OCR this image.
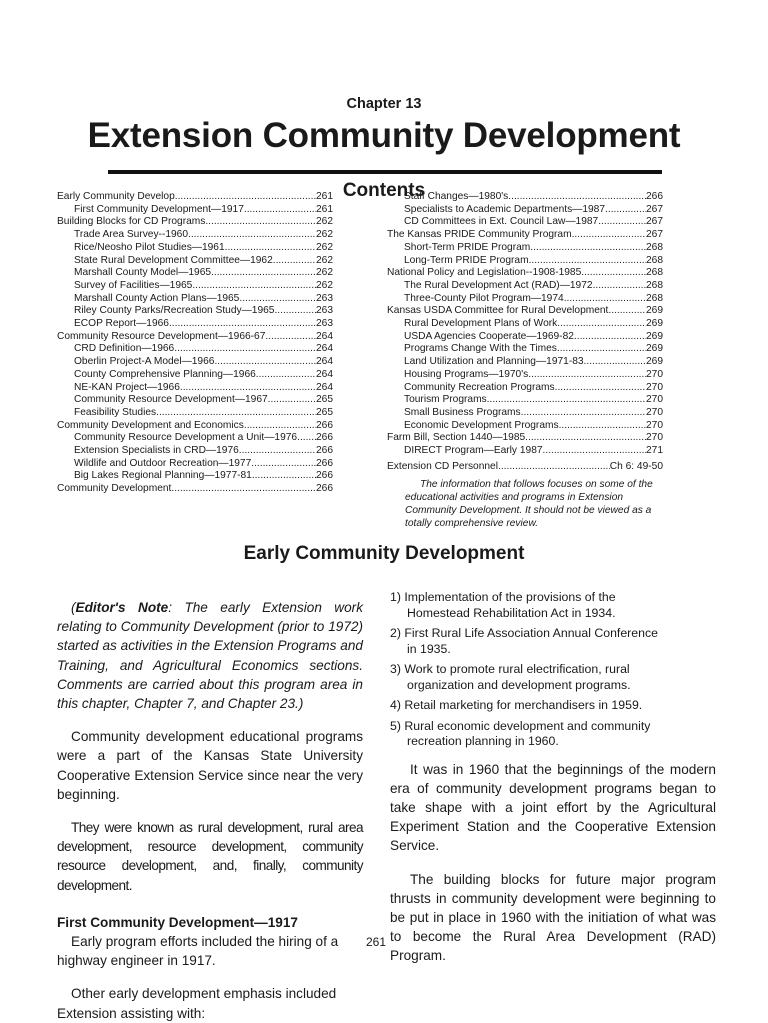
Chapter 13
Extension Community Development
Contents
Early Community Develop .....	261
First Community Development—1917 .....	261
Building Blocks for CD Programs .....	262
Trade Area Survey--1960 .....	262
Rice/Neosho Pilot Studies—1961 .....	262
State Rural Development Committee—1962 .....	262
Marshall County Model—1965 .....	262
Survey of Facilities—1965 .....	262
Marshall County Action Plans—1965 .....	263
Riley County Parks/Recreation Study—1965 .....	263
ECOP Report—1966 .....	263
Community Resource Development—1966-67 .....	264
CRD Definition—1966 .....	264
Oberlin Project-A Model—1966 .....	264
County Comprehensive Planning—1966 .....	264
NE-KAN Project—1966 .....	264
Community Resource Development—1967 .....	265
Feasibility Studies .....	265
Community Development and Economics .....	266
Community Resource Development a Unit—1976 ..... 266
Extension Specialists in CRD—1976 .....	266
Wildlife and Outdoor Recreation—1977 .....	266
Big Lakes Regional Planning—1977-81 .....	266
Community Development .....	266
Staff Changes—1980's .....	266
Specialists to Academic Departments—1987 .....	267
CD Committees in Ext. Council Law—1987 .....	267
The Kansas PRIDE Community Program .....	267
Short-Term PRIDE Program .....	268
Long-Term PRIDE Program .....	268
National Policy and Legislation--1908-1985 .....	268
The Rural Development Act (RAD)—1972 .....	268
Three-County Pilot Program—1974 .....	268
Kansas USDA Committee for Rural Development .....	269
Rural Development Plans of Work .....	269
USDA Agencies Cooperate—1969-82 .....	269
Programs Change With the Times .....	269
Land Utilization and Planning—1971-83 .....	269
Housing Programs—1970's .....	270
Community Recreation Programs .....	270
Tourism Programs .....	270
Small Business Programs .....	270
Economic Development Programs .....	270
Farm Bill, Section 1440—1985 .....	270
DIRECT Program—Early 1987 .....	271
Extension CD Personnel .....	Ch 6: 49-50
The information that follows focuses on some of the educational activities and programs in Extension Community Development. It should not be viewed as a totally comprehensive review.
Early Community Development

(Editor's Note: The early Extension work relating to Community Development (prior to 1972) started as activities in the Extension Programs and Training, and Agricultural Economics sections. Comments are carried about this program area in this chapter, Chapter 7, and Chapter 23.)

Community development educational programs were a part of the Kansas State University Cooperative Extension Service since near the very beginning.

They were known as rural development, rural area development, resource development, community resource development, and, finally, community development.

First Community Development—1917

Early program efforts included the hiring of a highway engineer in 1917.

Other early development emphasis included Extension assisting with:

1) Implementation of the provisions of the Homestead Rehabilitation Act in 1934.
2) First Rural Life Association Annual Conference in 1935.
3) Work to promote rural electrification, rural organization and development programs.
4) Retail marketing for merchandisers in 1959.
5) Rural economic development and community recreation planning in 1960.

It was in 1960 that the beginnings of the modern era of community development programs began to take shape with a joint effort by the Agricultural Experiment Station and the Cooperative Extension Service.

The building blocks for future major program thrusts in community development were beginning to be put in place in 1960 with the initiation of what was to become the Rural Area Development (RAD) Program.

261
